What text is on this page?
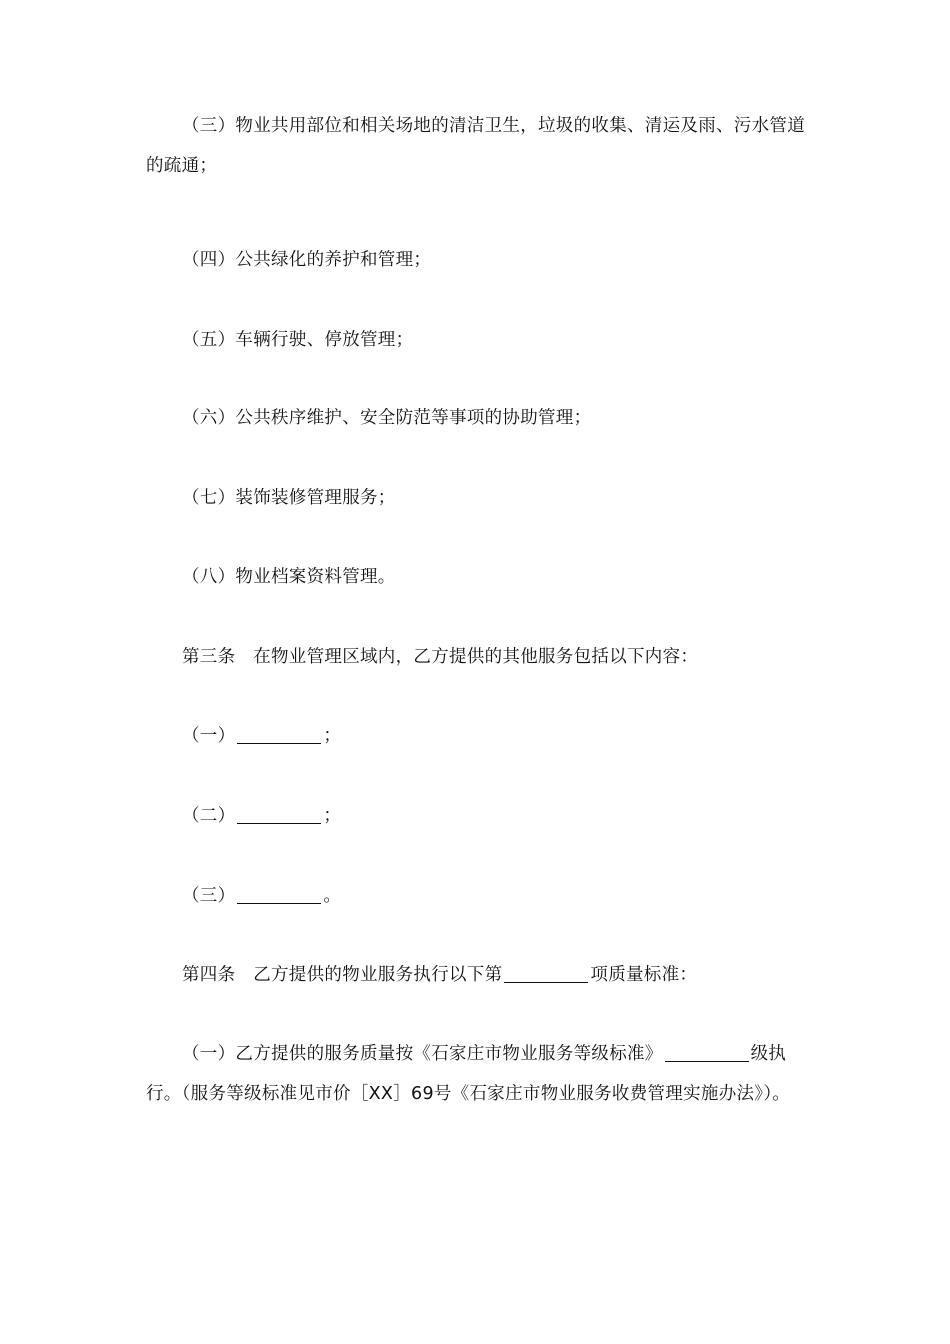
（三）物业共用部位和相关场地的清洁卫生，垃圾的收集、清运及雨、污水管道的疏通；

（四）公共绿化的养护和管理；

（五）车辆行驶、停放管理；

（六）公共秩序维护、安全防范等事项的协助管理；

（七）装饰装修管理服务；

（八）物业档案资料管理。

第三条　在物业管理区域内，乙方提供的其他服务包括以下内容：

（一）	；

（二）	；

（三）	。

第四条　乙方提供的物业服务执行以下第	项质量标准：

（一）乙方提供的服务质量按《石家庄市物业服务等级标准》	级执行。（服务等级标准见市价［XX］69号《石家庄市物业服务收费管理实施办法》）。
